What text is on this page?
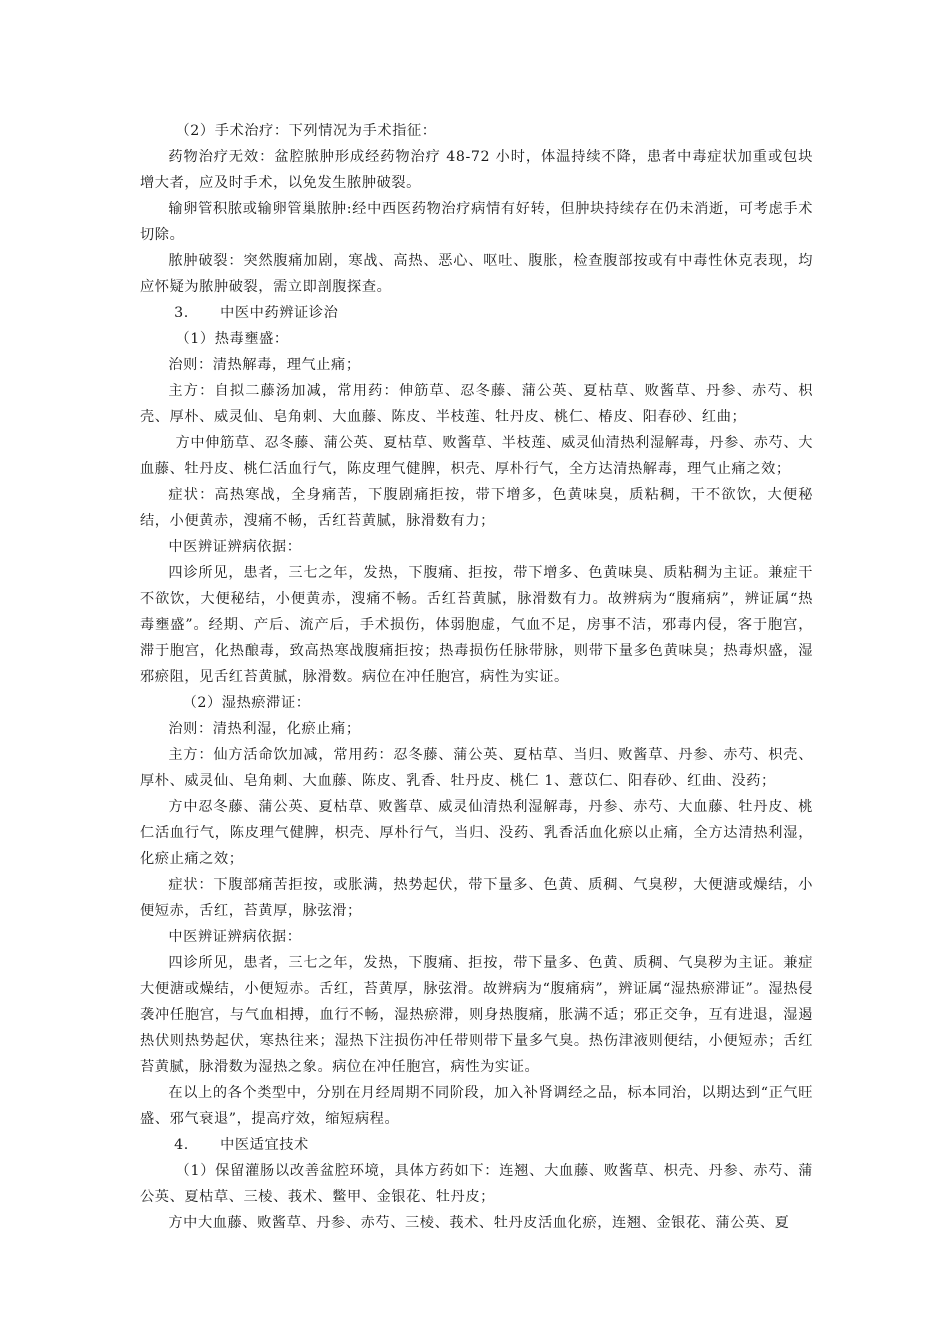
（2）手术治疗：下列情况为手术指征：

药物治疗无效：盆腔脓肿形成经药物治疗 48-72 小时，体温持续不降，患者中毒症状加重或包块增大者，应及时手术，以免发生脓肿破裂。

输卵管积脓或输卵管巢脓肿:经中西医药物治疗病情有好转，但肿块持续存在仍未消逝，可考虑手术切除。

脓肿破裂：突然腹痛加剧，寒战、高热、恶心、呕吐、腹胀，检查腹部按或有中毒性休克表现，均应怀疑为脓肿破裂，需立即剖腹探查。

3. 中医中药辨证诊治

（1）热毒壅盛：

治则：清热解毒，理气止痛；

主方：自拟二藤汤加减，常用药：伸筋草、忍冬藤、蒲公英、夏枯草、败酱草、丹参、赤芍、枳壳、厚朴、威灵仙、皂角刺、大血藤、陈皮、半枝莲、牡丹皮、桃仁、椿皮、阳春砂、红曲；

方中伸筋草、忍冬藤、蒲公英、夏枯草、败酱草、半枝莲、威灵仙清热利湿解毒，丹参、赤芍、大血藤、牡丹皮、桃仁活血行气，陈皮理气健脾，枳壳、厚朴行气，全方达清热解毒，理气止痛之效；

症状：高热寒战，全身痛苦，下腹剧痛拒按，带下增多，色黄味臭，质粘稠，干不欲饮，大便秘结，小便黄赤，溲痛不畅，舌红苔黄腻，脉滑数有力；

中医辨证辨病依据：

四诊所见，患者，三七之年，发热，下腹痛、拒按，带下增多、色黄味臭、质粘稠为主证。兼症干不欲饮，大便秘结，小便黄赤，溲痛不畅。舌红苔黄腻，脉滑数有力。故辨病为“腹痛病”，辨证属“热毒壅盛”。经期、产后、流产后，手术损伤，体弱胞虚，气血不足，房事不洁，邪毒内侵，客于胞宫，滞于胞宫，化热酿毒，致高热寒战腹痛拒按；热毒损伤任脉带脉，则带下量多色黄味臭；热毒炽盛，湿邪瘀阻，见舌红苔黄腻，脉滑数。病位在冲任胞宫，病性为实证。

（2）湿热瘀滞证：

治则：清热利湿，化瘀止痛；

主方：仙方活命饮加减，常用药：忍冬藤、蒲公英、夏枯草、当归、败酱草、丹参、赤芍、枳壳、厚朴、威灵仙、皂角刺、大血藤、陈皮、乳香、牡丹皮、桃仁 1、薏苡仁、阳春砂、红曲、没药；

方中忍冬藤、蒲公英、夏枯草、败酱草、威灵仙清热利湿解毒，丹参、赤芍、大血藤、牡丹皮、桃仁活血行气，陈皮理气健脾，枳壳、厚朴行气，当归、没药、乳香活血化瘀以止痛，全方达清热利湿，化瘀止痛之效；

症状：下腹部痛苦拒按，或胀满，热势起伏，带下量多、色黄、质稠、气臭秽，大便溏或燥结，小便短赤，舌红，苔黄厚，脉弦滑；

中医辨证辨病依据：

四诊所见，患者，三七之年，发热，下腹痛、拒按，带下量多、色黄、质稠、气臭秽为主证。兼症大便溏或燥结，小便短赤。舌红，苔黄厚，脉弦滑。故辨病为“腹痛病”，辨证属“湿热瘀滞证”。湿热侵袭冲任胞宫，与气血相搏，血行不畅，湿热瘀滞，则身热腹痛，胀满不适；邪正交争，互有进退，湿遏热伏则热势起伏，寒热往来；湿热下注损伤冲任带则带下量多气臭。热伤津液则便结，小便短赤；舌红苔黄腻，脉滑数为湿热之象。病位在冲任胞宫，病性为实证。

在以上的各个类型中，分别在月经周期不同阶段，加入补肾调经之品，标本同治，以期达到“正气旺盛、邪气衰退”，提高疗效，缩短病程。

4. 中医适宜技术

（1）保留灌肠以改善盆腔环境，具体方药如下：连翘、大血藤、败酱草、枳壳、丹参、赤芍、蒲公英、夏枯草、三棱、莪术、鳖甲、金银花、牡丹皮；

方中大血藤、败酱草、丹参、赤芍、三棱、莪术、牡丹皮活血化瘀，连翘、金银花、蒲公英、夏
